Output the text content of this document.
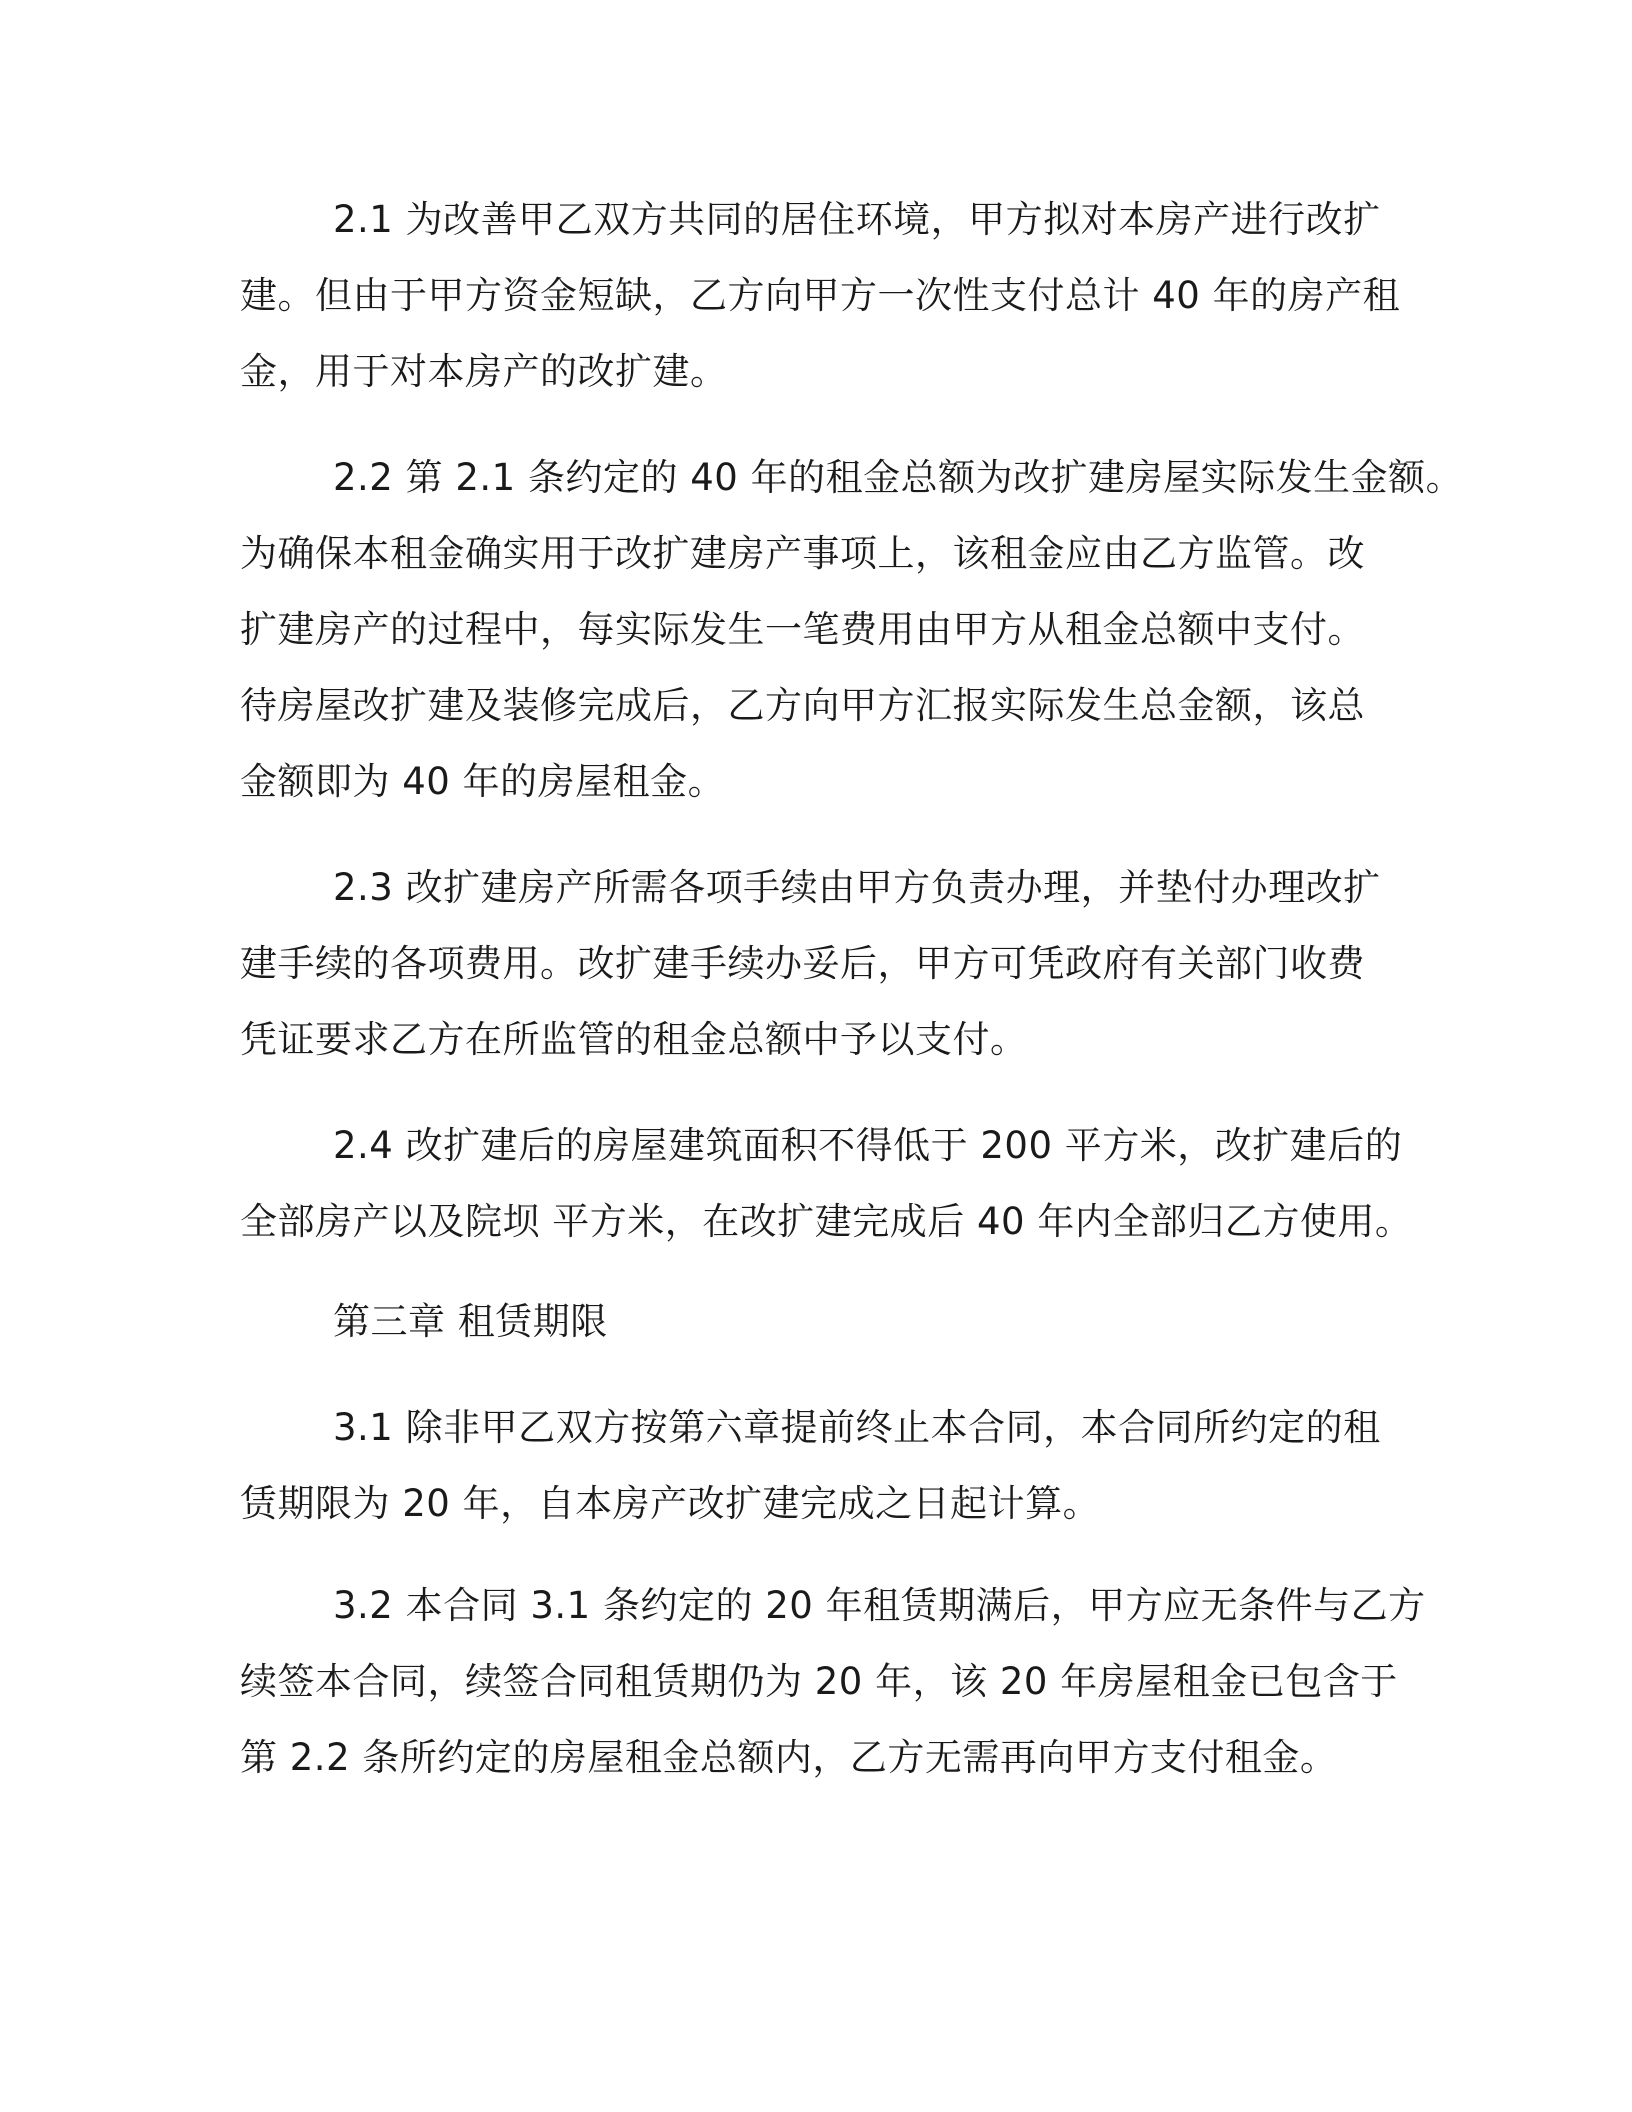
2.1 为改善甲乙双方共同的居住环境，甲方拟对本房产进行改扩
建。但由于甲方资金短缺，乙方向甲方一次性支付总计 40 年的房产租
金，用于对本房产的改扩建。
2.2 第 2.1 条约定的 40 年的租金总额为改扩建房屋实际发生金额。
为确保本租金确实用于改扩建房产事项上，该租金应由乙方监管。改
扩建房产的过程中，每实际发生一笔费用由甲方从租金总额中支付。
待房屋改扩建及装修完成后，乙方向甲方汇报实际发生总金额，该总
金额即为 40 年的房屋租金。
2.3 改扩建房产所需各项手续由甲方负责办理，并垫付办理改扩
建手续的各项费用。改扩建手续办妥后，甲方可凭政府有关部门收费
凭证要求乙方在所监管的租金总额中予以支付。
2.4 改扩建后的房屋建筑面积不得低于 200 平方米，改扩建后的
全部房产以及院坝 平方米，在改扩建完成后 40 年内全部归乙方使用。
第三章 租赁期限
3.1 除非甲乙双方按第六章提前终止本合同，本合同所约定的租
赁期限为 20 年，自本房产改扩建完成之日起计算。
3.2 本合同 3.1 条约定的 20 年租赁期满后，甲方应无条件与乙方
续签本合同，续签合同租赁期仍为 20 年，该 20 年房屋租金已包含于
第 2.2 条所约定的房屋租金总额内，乙方无需再向甲方支付租金。
